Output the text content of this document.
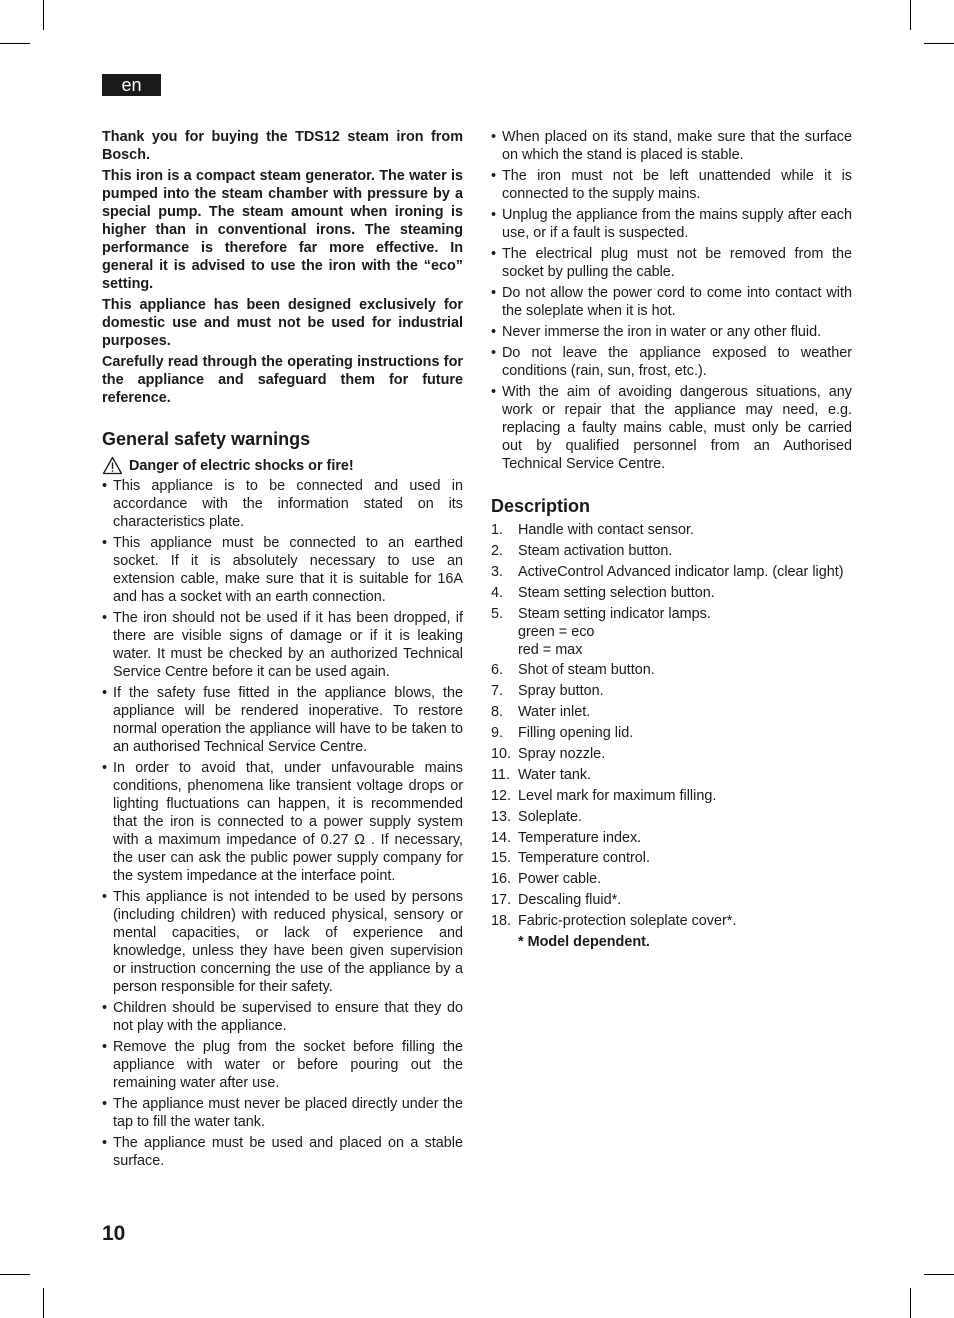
en

Thank you for buying the TDS12 steam iron from Bosch.

This iron is a compact steam generator. The water is pumped into the steam chamber with pressure by a special pump. The steam amount when ironing is higher than in conventional irons. The steaming performance is therefore far more effective. In general it is advised to use the iron with the “eco” setting.

This appliance has been designed exclusively for domestic use and must not be used for industrial purposes.

Carefully read through the operating instructions for the appliance and safeguard them for future reference.

General safety warnings
Danger of electric shocks or fire!
• This appliance is to be connected and used in accordance with the information stated on its characteristics plate.
• This appliance must be connected to an earthed socket. If it is absolutely necessary to use an extension cable, make sure that it is suitable for 16A and has a socket with an earth connection.
• The iron should not be used if it has been dropped, if there are visible signs of damage or if it is leaking water. It must be checked by an authorized Technical Service Centre before it can be used again.
• If the safety fuse fitted in the appliance blows, the appliance will be rendered inoperative. To restore normal operation the appliance will have to be taken to an authorised Technical Service Centre.
• In order to avoid that, under unfavourable mains conditions, phenomena like transient voltage drops or lighting fluctuations can happen, it is recommended that the iron is connected to a power supply system with a maximum impedance of 0.27 Ω . If necessary, the user can ask the public power supply company for the system impedance at the interface point.
• This appliance is not intended to be used by persons (including children) with reduced physical, sensory or mental capacities, or lack of experience and knowledge, unless they have been given supervision or instruction concerning the use of the appliance by a person responsible for their safety.
• Children should be supervised to ensure that they do not play with the appliance.
• Remove the plug from the socket before filling the appliance with water or before pouring out the remaining water after use.
• The appliance must never be placed directly under the tap to fill the water tank.
• The appliance must be used and placed on a stable surface.
• When placed on its stand, make sure that the surface on which the stand is placed is stable.
• The iron must not be left unattended while it is connected to the supply mains.
• Unplug the appliance from the mains supply after each use, or if a fault is suspected.
• The electrical plug must not be removed from the socket by pulling the cable.
• Do not allow the power cord to come into contact with the soleplate when it is hot.
• Never immerse the iron in water or any other fluid.
• Do not leave the appliance exposed to weather conditions (rain, sun, frost, etc.).
• With the aim of avoiding dangerous situations, any work or repair that the appliance may need, e.g. replacing a faulty mains cable, must only be carried out by qualified personnel from an Authorised Technical Service Centre.
Description
1.	Handle with contact sensor.
2.	Steam activation button.
3.	ActiveControl Advanced indicator lamp. (clear light)
4.	Steam setting selection button.
5.	Steam setting indicator lamps.
green = eco
red = max
6.	Shot of steam button.
7.	Spray button.
8.	Water inlet.
9.	Filling opening lid.
10. Spray nozzle.
11. Water tank.
12. Level mark for maximum filling.
13. Soleplate.
14. Temperature index.
15. Temperature control.
16. Power cable.
17. Descaling fluid*.
18. Fabric-protection soleplate cover*.
* Model dependent.
10
